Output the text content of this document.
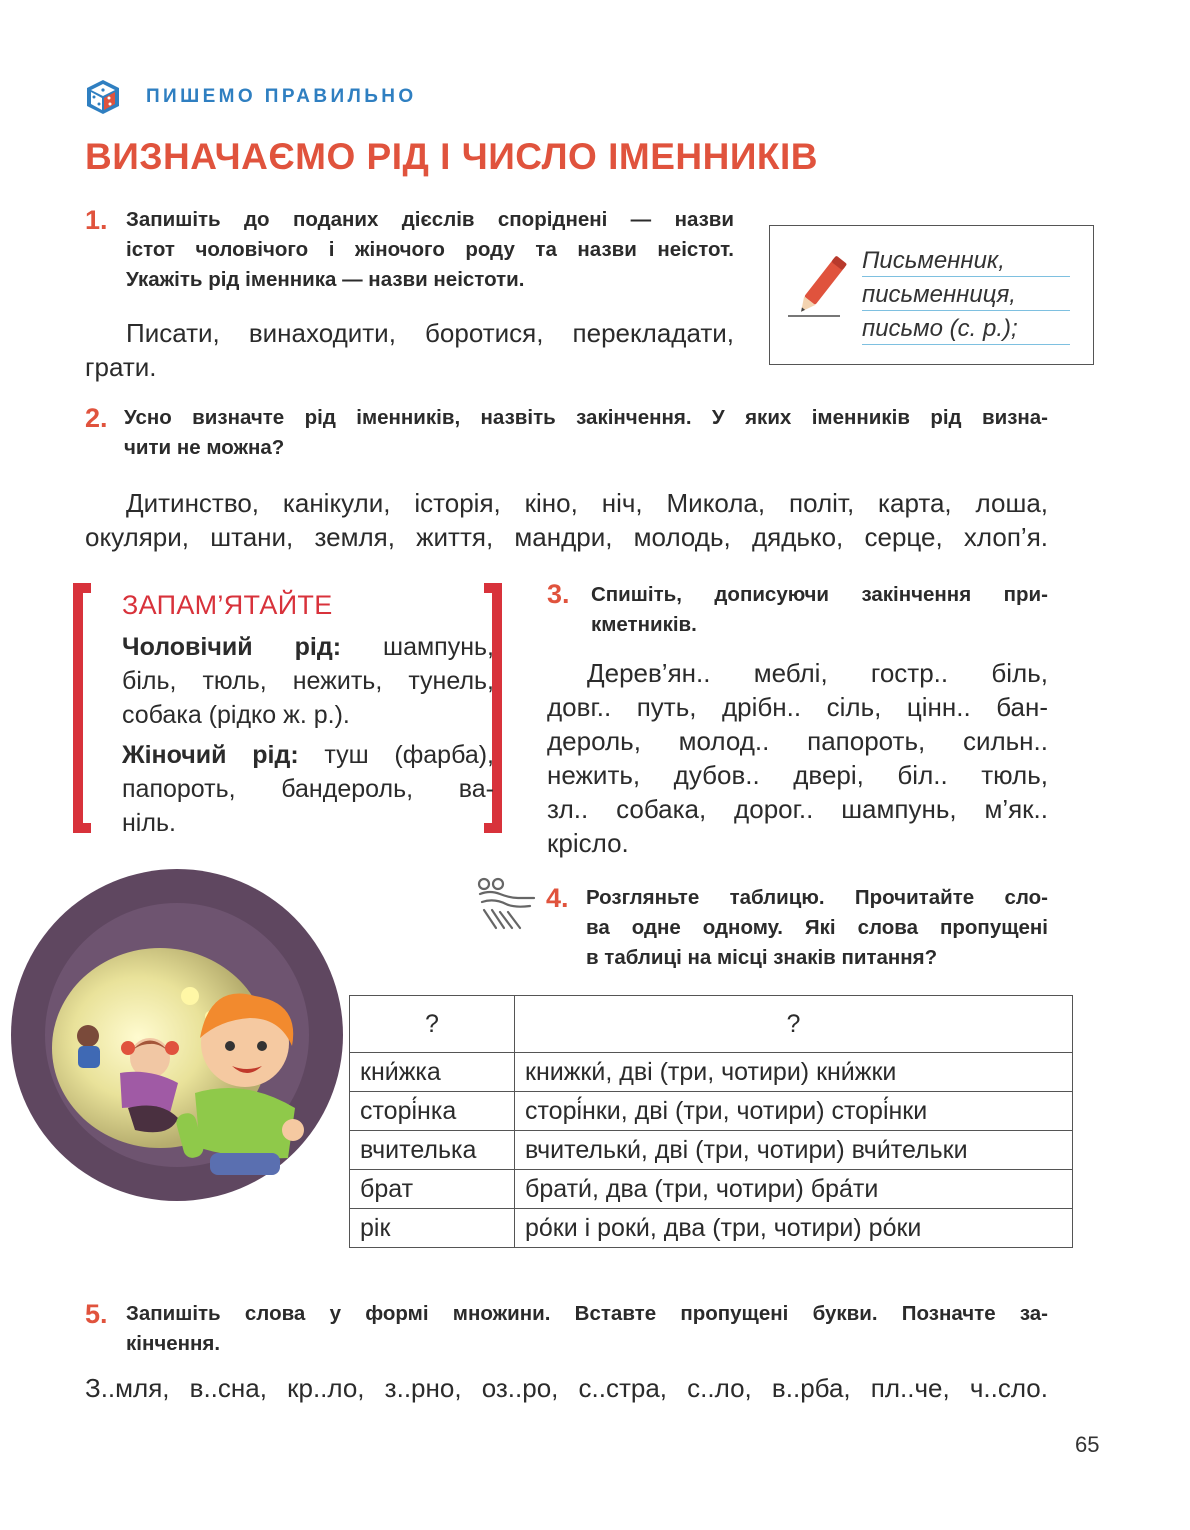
ПИШЕМО ПРАВИЛЬНО
ВИЗНАЧАЄМО РІД І ЧИСЛО ІМЕННИКІВ
1. Запишіть до поданих дієслів споріднені — назви
істот чоловічого і жіночого роду та назви неістот.
Укажіть рід іменника — назви неістоти.
Писати, винаходити, боротися, перекладати,
грати.
Письменник,
письменниця,
письмо (с. р.);
2. Усно визначте рід іменників, назвіть закінчення. У яких іменників рід визна-
чити не можна?
Дитинство, канікули, історія, кіно, ніч, Микола, політ, карта, лоша,
окуляри, штани, земля, життя, мандри, молодь, дядько, серце, хлоп’я.
ЗАПАМ’ЯТАЙТЕ
Чоловічий рід: шампунь,
біль, тюль, нежить, тунель,
собака (рідко ж. р.).
Жіночий рід: туш (фарба),
папороть, бандероль, ва-
ніль.
3. Спишіть, дописуючи закінчення при-
кметників.
Дерев’ян.. меблі, гостр.. біль,
довг.. путь, дрібн.. сіль, цінн.. бан-
дероль, молод.. папороть, сильн..
нежить, дубов.. двері, біл.. тюль,
зл.. собака, дорог.. шампунь, м’як..
крісло.
4. Розгляньте таблицю. Прочитайте сло-
ва одне одному. Які слова пропущені
в таблиці на місці знаків питання?
?	?
кни́жка	книжки́, дві (три, чотири) кни́жки
сторі́нка	сторі́нки, дві (три, чотири) сторі́нки
вчителька	вчительки́, дві (три, чотири) вчи́тельки
брат	брати́, два (три, чотири) бра́ти
рік	ро́ки і роки́, два (три, чотири) ро́ки
5. Запишіть слова у формі множини. Вставте пропущені букви. Позначте за-
кінчення.
З..мля, в..сна, кр..ло, з..рно, оз..ро, с..стра, с..ло, в..рба, пл..че, ч..сло.
65
